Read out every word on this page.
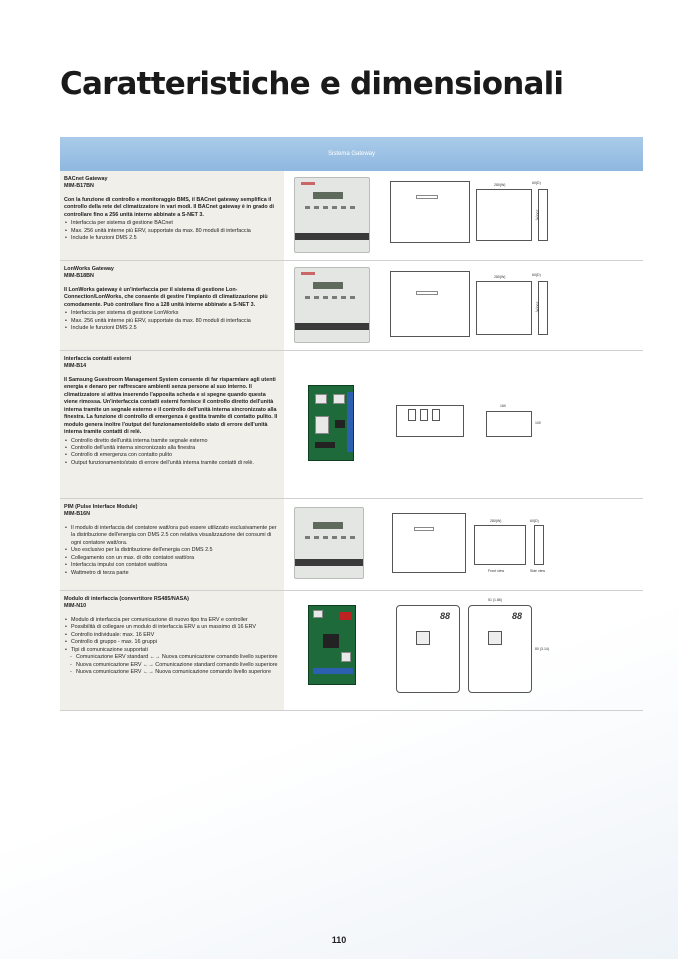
Caratteristiche e dimensionali
Sistema Gateway
BACnet Gateway
MIM-B17BN
Con la funzione di controllo e monitoraggio BMS, il BACnet gateway semplifica il controllo della rete del climatizzatore in vari modi. Il BACnet gateway è in grado di controllare fino a 256 unità interne abbinate a S-NET 3.
• Interfaccia per sistema di gestione BACnet
• Max. 256 unità interne più ERV, supportate da max. 80 moduli di interfaccia
• Include le funzioni DMS 2.5
280(W)	60(D)
200(H)
LonWorks Gateway
MIM-B18BN
Il LonWorks gateway è un'interfaccia per il sistema di gestione Lon-Connection/LonWorks, che consente di gestire l'impianto di climatizzazione più comodamente. Può controllare fino a 128 unità interne abbinate a S-NET 3.
• Interfaccia per sistema di gestione LonWorks
• Max. 256 unità interne più ERV, supportate da max. 80 moduli di interfaccia
• Include le funzioni DMS 2.5
280(W)	60(D)
200(H)
Interfaccia contatti esterni
MIM-B14
Il Samsung Guestroom Management System consente di far risparmiare agli utenti energia e denaro per raffrescare ambienti senza persone al suo interno. Il climatizzatore si attiva inserendo l'apposita scheda e si spegne quando questa viene rimossa. Un'interfaccia contatti esterni fornisce il controllo diretto dell'unità interna tramite un segnale esterno e il controllo dell'unità interna sincronizzato alla finestra. La funzione di controllo di emergenza è gestita tramite di contatto pulito. Il modulo genera inoltre l'output del funzionamento/dello stato di errore dell'unità interna tramite contatti di relè.
• Controllo diretto dell'unità interna tramite segnale esterno
• Controllo dell'unità interna sincronizzato alla finestra
• Controllo di emergenza con contatto pulito
• Output funzionamento/stato di errore dell'unità interna tramite contatti di relè.
160
100
PIM (Pulse Interface Module)
MIM-B16N
• Il modulo di interfaccia del contatore watt/ora può essere utilizzato esclusivamente per la distribuzione dell'energia con DMS 2.5 con relativa visualizzazione dei consumi di ogni contatore watt/ora.
• Uso esclusivo per la distribuzione dell'energia con DMS 2.5
• Collegamento con un max. di otto contatori watt/ora
• Interfaccia impulsi con contatori watt/ora
• Wattmetro di terza parte
280(W)	60(D)
Front view	Side view
Modulo di interfaccia (convertitore RS485/NASA)
MIM-N10
• Modulo di interfaccia per comunicazione di nuovo tipo tra ERV e controller
• Possibilità di collegare un modulo di interfaccia ERV a un massimo di 16 ERV
• Controllo individuale: max. 16 ERV
• Controllo di gruppo - max. 16 gruppi
• Tipi di comunicazione supportati
- Comunicazione ERV standard ←→ Nuova comunicazione comando livello superiore
- Nuova comunicazione ERV ←→ Comunicazione standard comando livello superiore
- Nuova comunicazione ERV ←→ Nuova comunicazione comando livello superiore
88	88
51 (1.86)
80 (3.14)
110
